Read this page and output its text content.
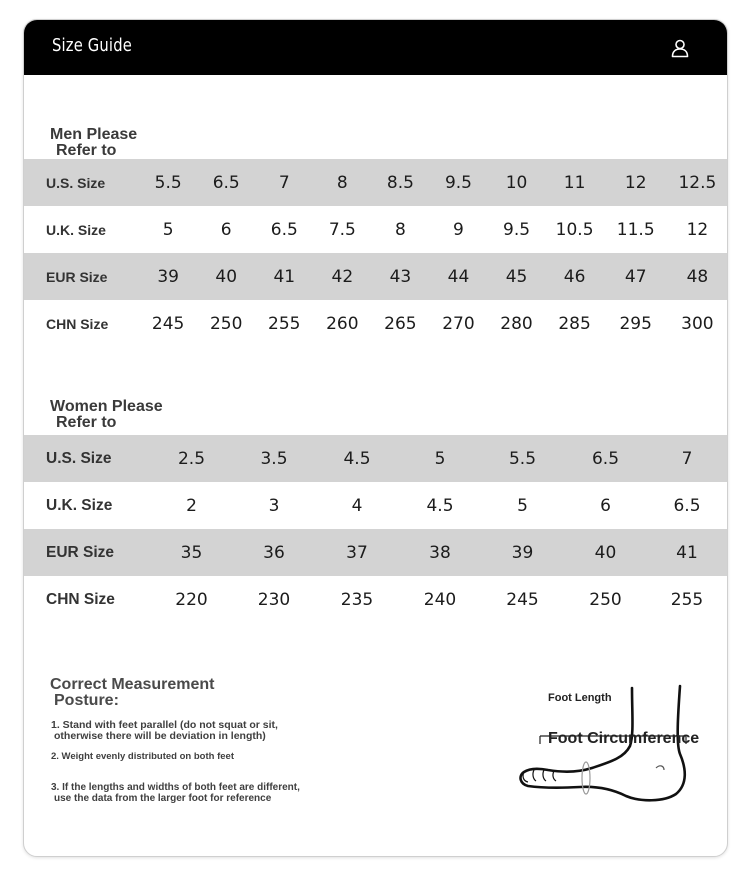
Size Guide
Men Please
Refer to
U.S. Size	5.5	6.5	7	8	8.5	9.5	10	11	12	12.5
U.K. Size	5	6	6.5	7.5	8	9	9.5	10.5	11.5	12
EUR Size	39	40	41	42	43	44	45	46	47	48
CHN Size	245	250	255	260	265	270	280	285	295	300
Women Please
Refer to
U.S. Size	2.5	3.5	4.5	5	5.5	6.5	7
U.K. Size	2	3	4	4.5	5	6	6.5
EUR Size	35	36	37	38	39	40	41
CHN Size	220	230	235	240	245	250	255
Correct Measurement
Posture:
1. Stand with feet parallel (do not squat or sit,
otherwise there will be deviation in length)
2. Weight evenly distributed on both feet
3. If the lengths and widths of both feet are different,
use the data from the larger foot for reference
Foot Length
Foot Circumference
